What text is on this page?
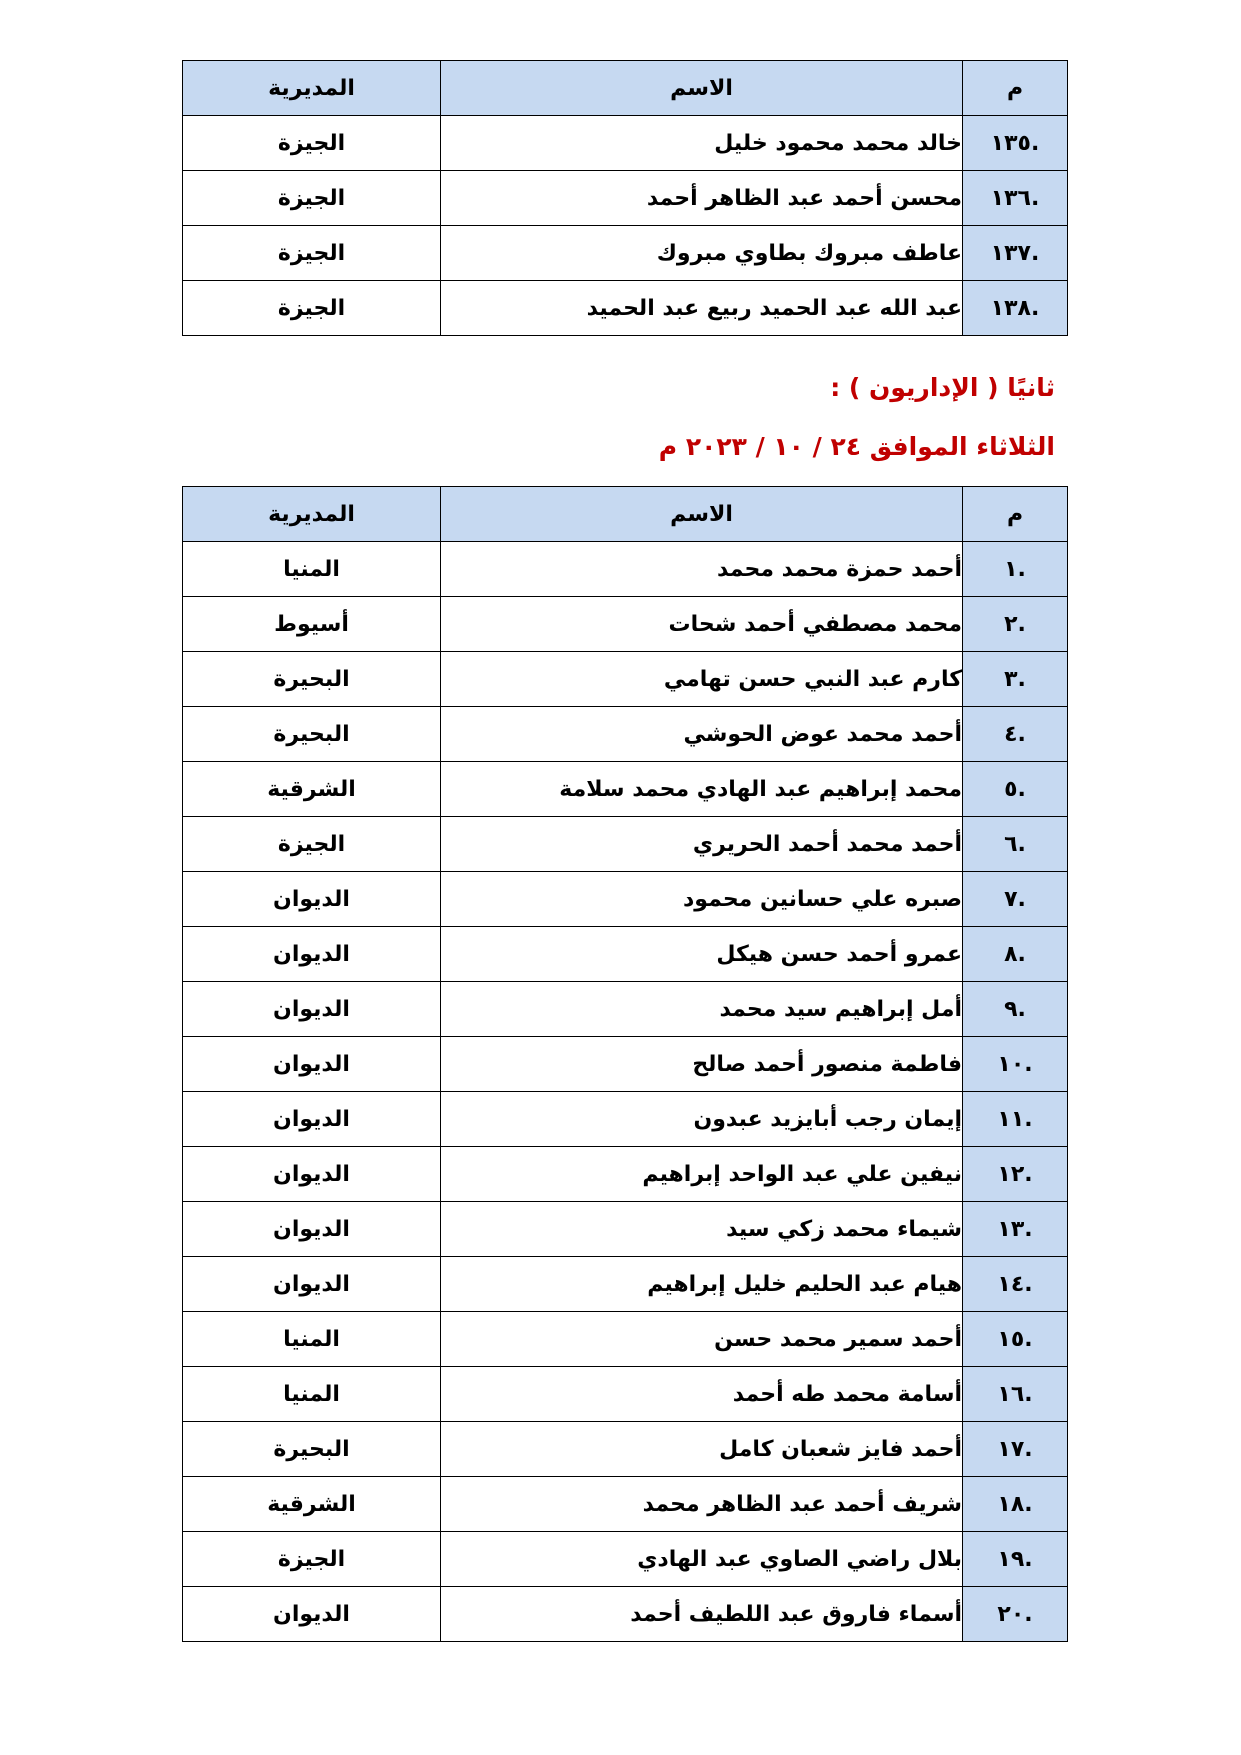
م	الاسم	المديرية
.١٣٥	خالد محمد محمود خليل	الجيزة
.١٣٦	محسن أحمد عبد الظاهر أحمد	الجيزة
.١٣٧	عاطف مبروك بطاوي مبروك	الجيزة
.١٣٨	عبد الله عبد الحميد ربيع عبد الحميد	الجيزة
ثانيًا ( الإداريون ) :
الثلاثاء الموافق ٢٤ / ١٠ / ٢٠٢٣ م
م	الاسم	المديرية
.١	أحمد حمزة محمد محمد	المنيا
.٢	محمد مصطفي أحمد شحات	أسيوط
.٣	كارم عبد النبي حسن تهامي	البحيرة
.٤	أحمد محمد عوض الحوشي	البحيرة
.٥	محمد إبراهيم عبد الهادي محمد سلامة	الشرقية
.٦	أحمد محمد أحمد الحريري	الجيزة
.٧	صبره علي حسانين محمود	الديوان
.٨	عمرو أحمد حسن هيكل	الديوان
.٩	أمل إبراهيم سيد محمد	الديوان
.١٠	فاطمة منصور أحمد صالح	الديوان
.١١	إيمان رجب أبايزيد عبدون	الديوان
.١٢	نيفين علي عبد الواحد إبراهيم	الديوان
.١٣	شيماء محمد زكي سيد	الديوان
.١٤	هيام عبد الحليم خليل إبراهيم	الديوان
.١٥	أحمد سمير محمد حسن	المنيا
.١٦	أسامة محمد طه أحمد	المنيا
.١٧	أحمد فايز شعبان كامل	البحيرة
.١٨	شريف أحمد عبد الظاهر محمد	الشرقية
.١٩	بلال راضي الصاوي عبد الهادي	الجيزة
.٢٠	أسماء فاروق عبد اللطيف أحمد	الديوان
